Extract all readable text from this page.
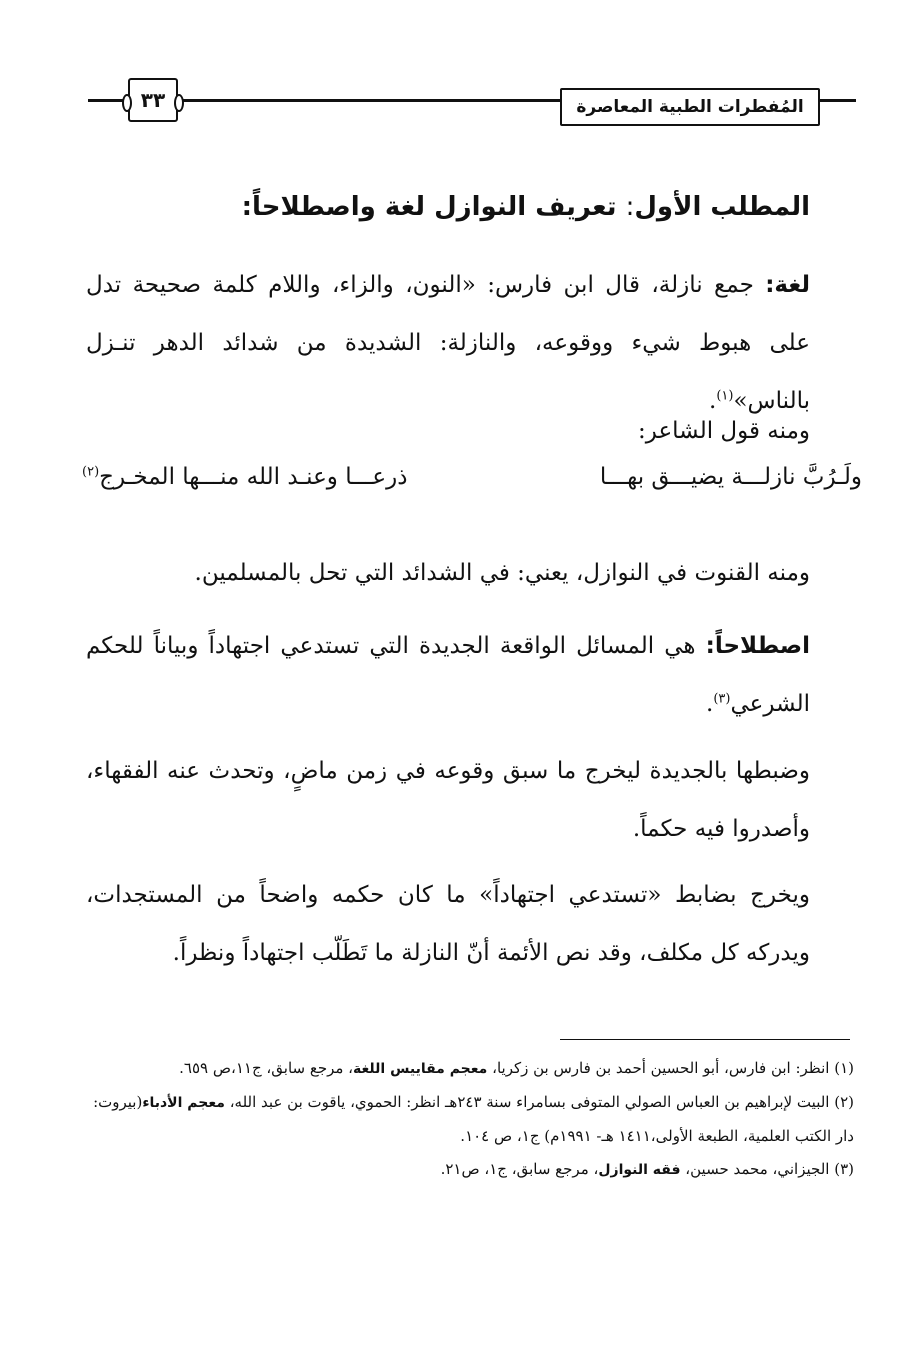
٣٣	المُفطرات الطبية المعاصرة
المطلب الأول: تعريف النوازل لغة واصطلاحاً:
لغة: جمع نازلة، قال ابن فارس: «النون، والزاء، واللام كلمة صحيحة تدل على هبوط شيء ووقوعه، والنازلة: الشديدة من شدائد الدهر تنـزل بالناس»$^{(١)}$.
ومنه قول الشاعر:
ولَـرُبَّ نازلـــة يضيـــق بهـــا
ذرعـــا وعنـد الله منـــها المخـرج$^{(٢)}$
ومنه القنوت في النوازل، يعني: في الشدائد التي تحل بالمسلمين.
اصطلاحاً: هي المسائل الواقعة الجديدة التي تستدعي اجتهاداً وبياناً للحكم الشرعي$^{(٣)}$.
وضبطها بالجديدة ليخرج ما سبق وقوعه في زمن ماضٍ، وتحدث عنه الفقهاء، وأصدروا فيه حكماً.
ويخرج بضابط «تستدعي اجتهاداً» ما كان حكمه واضحاً من المستجدات، ويدركه كل مكلف، وقد نص الأئمة أنّ النازلة ما تَطَلّب اجتهاداً ونظراً.
(١) انظر: ابن فارس، أبو الحسين أحمد بن فارس بن زكريا، معجم مقاييس اللغة، مرجع سابق، ج١١،ص ٦٥٩.
(٢) البيت لإبراهيم بن العباس الصولي المتوفى بسامراء سنة ٢٤٣هـ انظر: الحموي، ياقوت بن عبد الله، معجم الأدباء(بيروت: دار الكتب العلمية، الطبعة الأولى،١٤١١ هـ- ١٩٩١م) ج١، ص ١٠٤.
(٣) الجيزاني، محمد حسين، فقه النوازل، مرجع سابق، ج١، ص٢١.
